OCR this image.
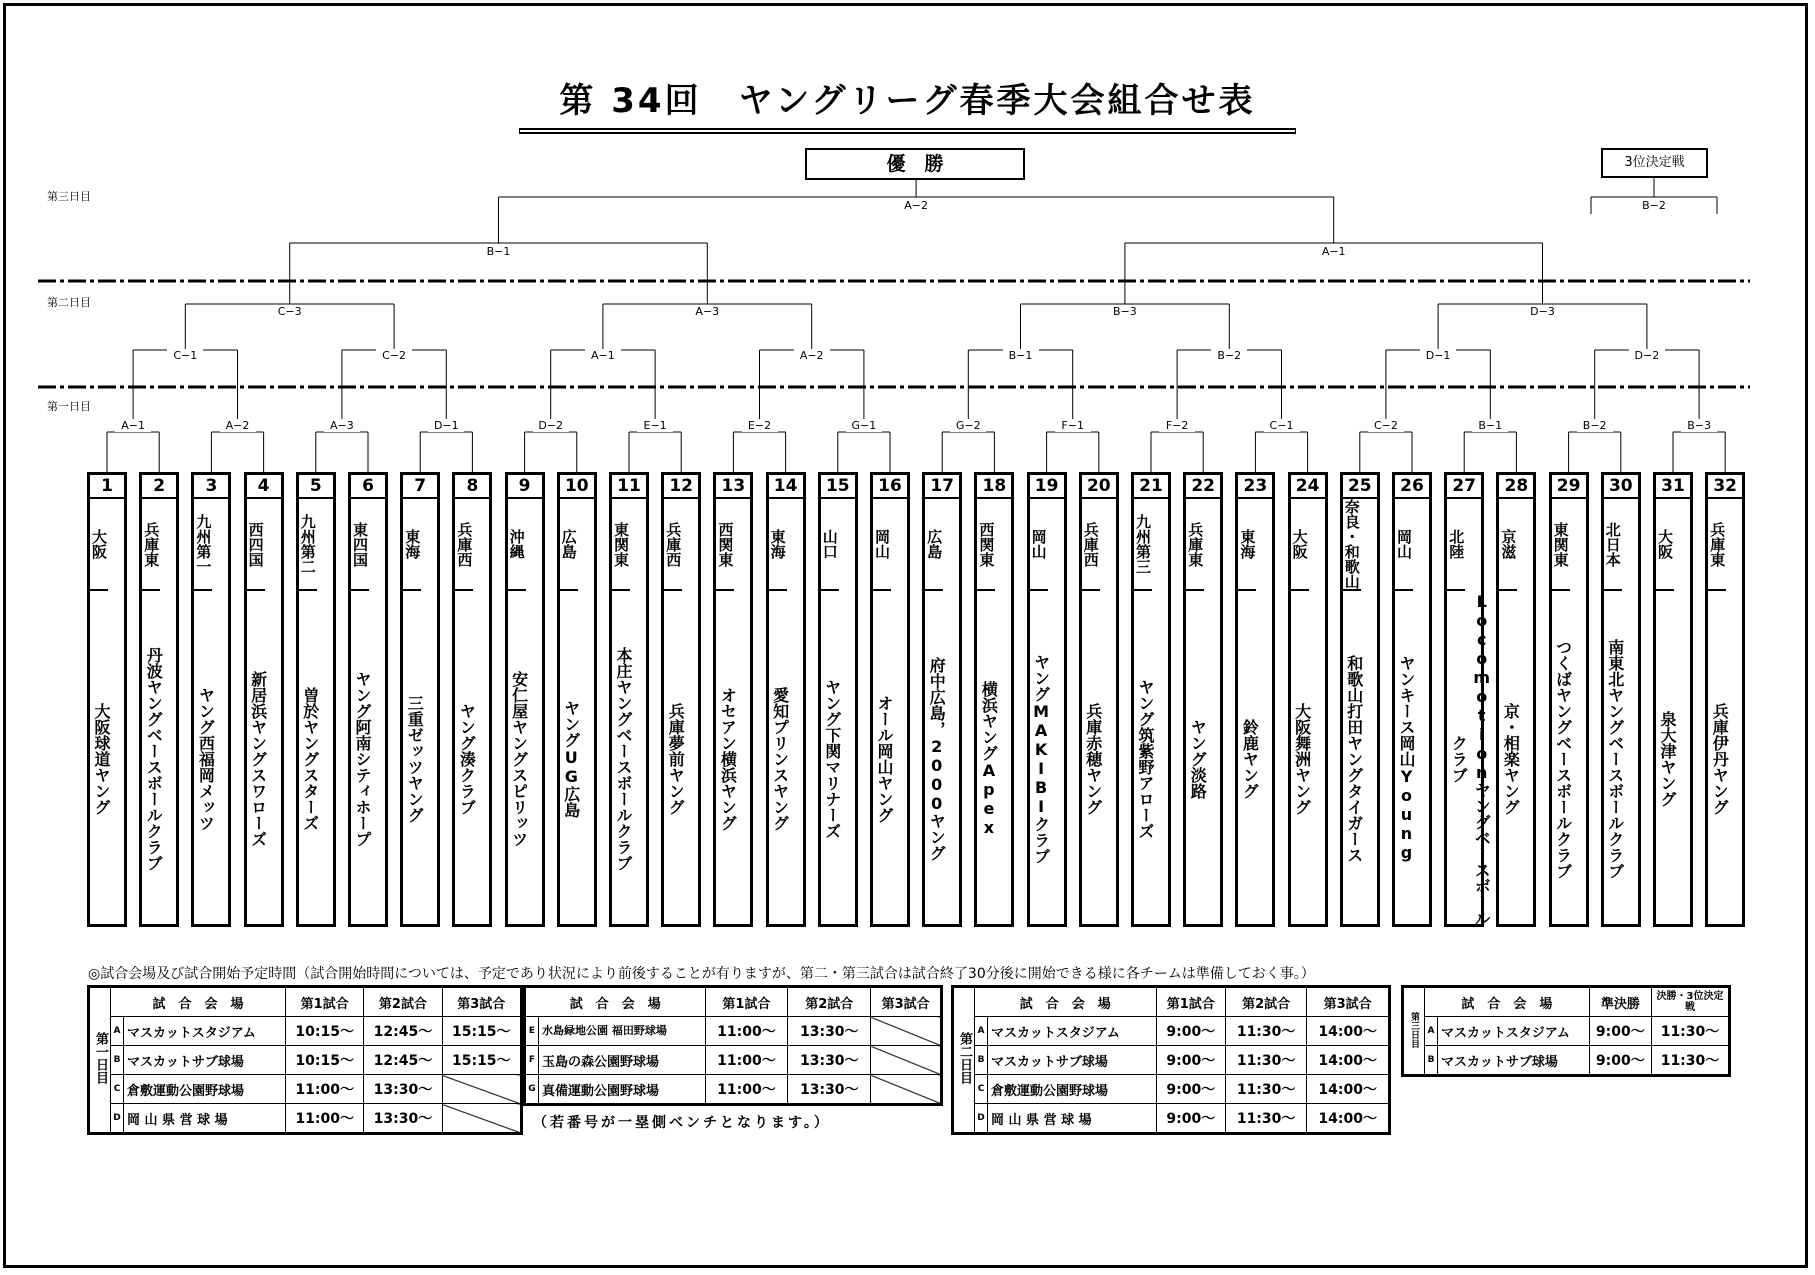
第 34回　ヤングリーグ春季大会組合せ表
優　勝	3位決定戦
第三日目
第二日目
第一日目
A−1	A−2	A−3	D−1	D−2	E−1	E−2	G−1	G−2	F−1	F−2	C−1	C−2	B−1	B−2	B−3
C−1	C−2	A−1	A−2	B−1	B−2	D−1	D−2
C−3	A−3	B−3	D−3
B−1	A−1
A−2	B−2
1
大阪
大阪球道ヤング
2
兵庫東
丹波ヤングベースボールクラブ
3
九州第一
ヤング西福岡メッツ
4
西四国
新居浜ヤングスワローズ
5
九州第二
曽於ヤングスターズ
6
東四国
ヤング阿南シティホープ
7
東海
三重ゼッツヤング
8
兵庫西
ヤング湊クラブ
9
沖縄
安仁屋ヤングスピリッツ
10
広島
ヤングUG広島
11
東関東
本庄ヤングベースボールクラブ
12
兵庫西
兵庫夢前ヤング
13
西関東
オセアン横浜ヤング
14
東海
愛知プリンスヤング
15
山口
ヤング下関マリナーズ
16
岡山
オール岡山ヤング
17
広島
府中広島，2000ヤング
18
西関東
横浜ヤングApex
19
岡山
ヤングMAKIBIクラブ
20
兵庫西
兵庫赤穂ヤング
21
九州第三
ヤング筑紫野アローズ
22
兵庫東
ヤング淡路
23
東海
鈴鹿ヤング
24
大阪
大阪舞洲ヤング
25
奈良・和歌山
和歌山打田ヤングタイガース
26
岡山
ヤンキース岡山Young
27
北陸
Locomotionヤングベースボールクラブ
28
京滋
京・相楽ヤング
29
東関東
つくばヤングベースボールクラブ
30
北日本
南東北ヤングベースボールクラブ
31
大阪
泉大津ヤング
32
兵庫東
兵庫伊丹ヤング
◎試合会場及び試合開始予定時間（試合開始時間については、予定であり状況により前後することが有りますが、第二・第三試合は試合終了30分後に開始できる様に各チームは準備しておく事。）
第一日目	試　合　会　場		第1試合	第2試合	第3試合
	A	マスカットスタジアム	10:15〜	12:45〜	15:15〜
	B	マスカットサブ球場	10:15〜	12:45〜	15:15〜
	C	倉敷運動公園野球場	11:00〜	13:30〜	
	D	岡 山 県 営 球 場	11:00〜	13:30〜	
試　合　会　場		第1試合	第2試合	第3試合
E	水島緑地公園 福田野球場	11:00〜	13:30〜	
F	玉島の森公園野球場	11:00〜	13:30〜	
G	真備運動公園野球場	11:00〜	13:30〜	
（若番号が一塁側ベンチとなります。）
第二日目	試　合　会　場		第1試合	第2試合	第3試合
	A	マスカットスタジアム	9:00〜	11:30〜	14:00〜
	B	マスカットサブ球場	9:00〜	11:30〜	14:00〜
	C	倉敷運動公園野球場	9:00〜	11:30〜	14:00〜
	D	岡 山 県 営 球 場	9:00〜	11:30〜	14:00〜
第三日目	試　合　会　場		準決勝	決勝・3位決定戦
	A	マスカットスタジアム	9:00〜	11:30〜
	B	マスカットサブ球場	9:00〜	11:30〜
